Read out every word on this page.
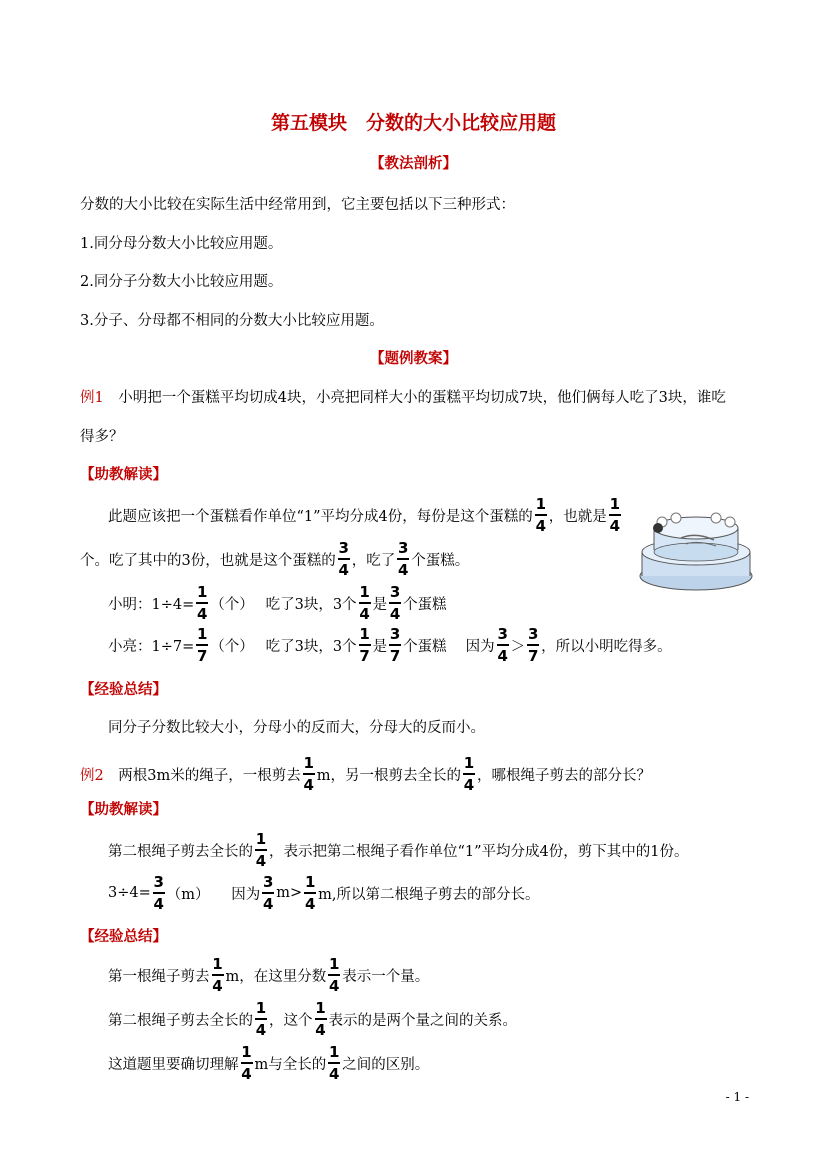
第五模块　分数的大小比较应用题
【教法剖析】
分数的大小比较在实际生活中经常用到，它主要包括以下三种形式：
1.同分母分数大小比较应用题。
2.同分子分数大小比较应用题。
3.分子、分母都不相同的分数大小比较应用题。
【题例教案】
例1 　小明把一个蛋糕平均切成4块，小亮把同样大小的蛋糕平均切成7块，他们俩每人吃了3块，谁吃
得多？
【助教解读】
此题应该把一个蛋糕看作单位“1”平均分成4份，每份是这个蛋糕的 $\frac{1}{4}$ ，也就是 $\frac{1}{4}$
个。吃了其中的3份，也就是这个蛋糕的 $\frac{3}{4}$ ，吃了 $\frac{3}{4}$ 个蛋糕。
小明：$1\div 4= \frac{1}{4}$ （个）　 吃了3块，3个 $\frac{1}{4}$ 是 $\frac{3}{4}$ 个蛋糕
小亮：$1\div 7= \frac{1}{7}$ （个）　 吃了3块，3个 $\frac{1}{7}$ 是 $\frac{3}{7}$ 个蛋糕　 因为 $\frac{3}{4} > \frac{3}{7}$ ，所以小明吃得多。
【经验总结】
同分子分数比较大小，分母小的反而大，分母大的反而小。
例2 　两根3m米的绳子，一根剪去 $\frac{1}{4}$ m，另一根剪去全长的 $\frac{1}{4}$ ，哪根绳子剪去的部分长？
【助教解读】
第二根绳子剪去全长的 $\frac{1}{4}$ ，表示把第二根绳子看作单位“1”平均分成4份，剪下其中的1份。
$3\div 4= \frac{3}{4} (m)$　　因为 $\frac{3}{4} m> \frac{1}{4} m$,所以第二根绳子剪去的部分长。
【经验总结】
第一根绳子剪去 $\frac{1}{4}$ m，在这里分数 $\frac{1}{4}$ 表示一个量。
第二根绳子剪去全长的 $\frac{1}{4}$ ，这个 $\frac{1}{4}$ 表示的是两个量之间的关系。
这道题里要确切理解 $\frac{1}{4}$ m与全长的 $\frac{1}{4}$ 之间的区别。
- 1 -
